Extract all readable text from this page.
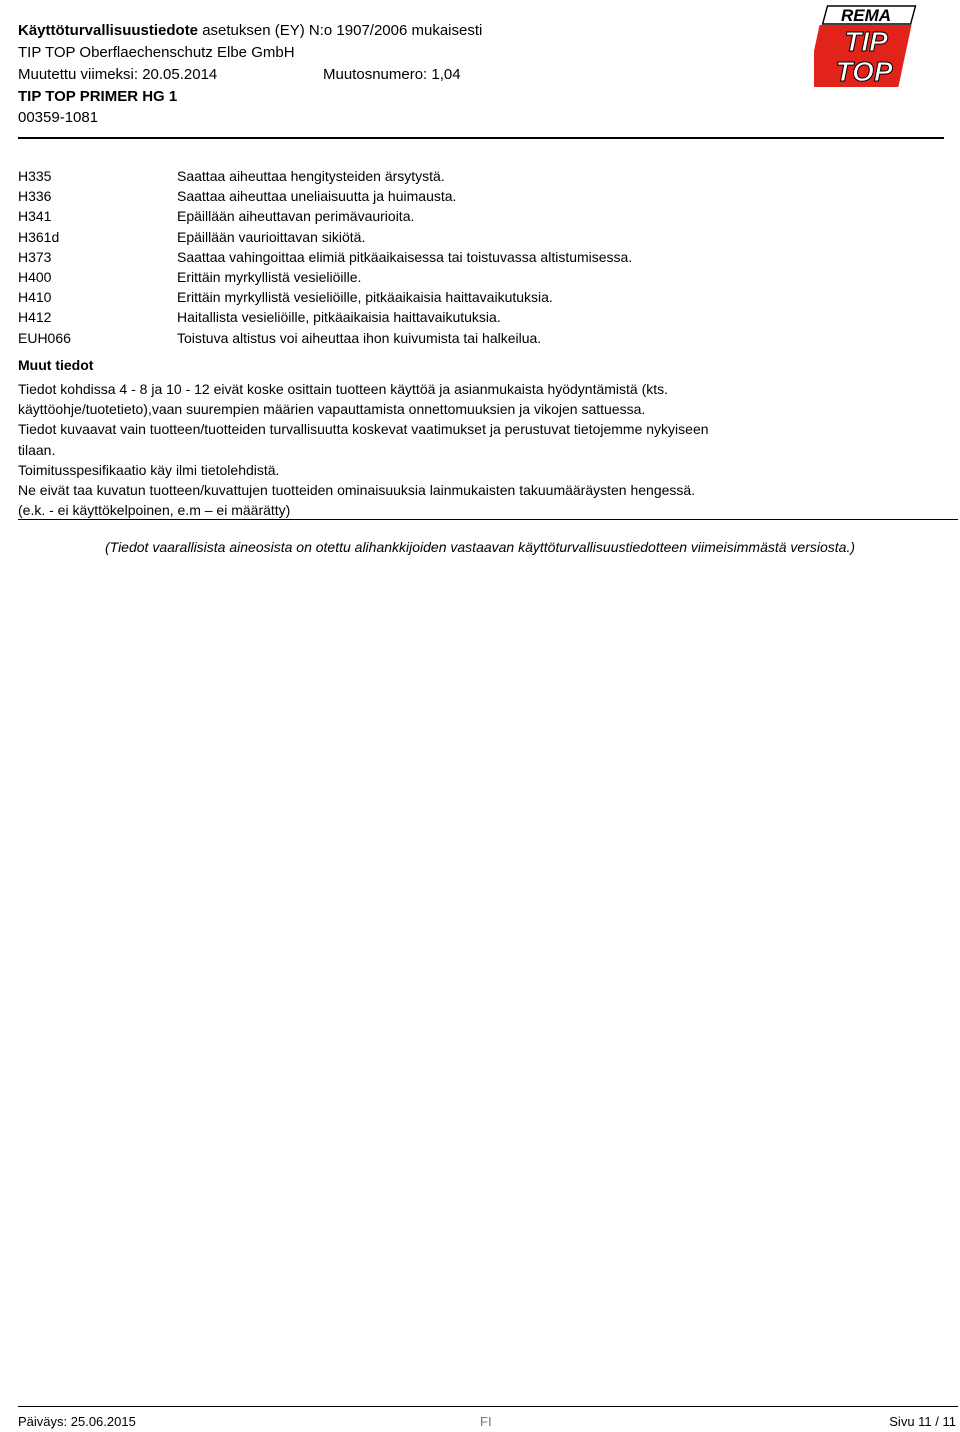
Käyttöturvallisuustiedote asetuksen (EY) N:o 1907/2006 mukaisesti
TIP TOP Oberflaechenschutz Elbe GmbH
Muutettu viimeksi: 20.05.2014	Muutosnumero: 1,04
TIP TOP PRIMER HG 1
00359-1081
REMA
TIP
TOP
H335	Saattaa aiheuttaa hengitysteiden ärsytystä.
H336	Saattaa aiheuttaa uneliaisuutta ja huimausta.
H341	Epäillään aiheuttavan perimävaurioita.
H361d	Epäillään vaurioittavan sikiötä.
H373	Saattaa vahingoittaa elimiä pitkäaikaisessa tai toistuvassa altistumisessa.
H400	Erittäin myrkyllistä vesieliöille.
H410	Erittäin myrkyllistä vesieliöille, pitkäaikaisia haittavaikutuksia.
H412	Haitallista vesieliöille, pitkäaikaisia haittavaikutuksia.
EUH066	Toistuva altistus voi aiheuttaa ihon kuivumista tai halkeilua.
Muut tiedot
Tiedot kohdissa 4 - 8 ja 10 - 12 eivät koske osittain tuotteen käyttöä ja asianmukaista hyödyntämistä (kts.
käyttöohje/tuotetieto),vaan suurempien määrien vapauttamista onnettomuuksien ja vikojen sattuessa.
Tiedot kuvaavat vain tuotteen/tuotteiden turvallisuutta koskevat vaatimukset ja perustuvat tietojemme nykyiseen
tilaan.
Toimitusspesifikaatio käy ilmi tietolehdistä.
Ne eivät taa kuvatun tuotteen/kuvattujen tuotteiden ominaisuuksia lainmukaisten takuumääräysten hengessä.
(e.k. - ei käyttökelpoinen, e.m – ei määrätty)
(Tiedot vaarallisista aineosista on otettu alihankkijoiden vastaavan käyttöturvallisuustiedotteen viimeisimmästä versiosta.)
Päiväys: 25.06.2015	FI	Sivu 11 / 11
